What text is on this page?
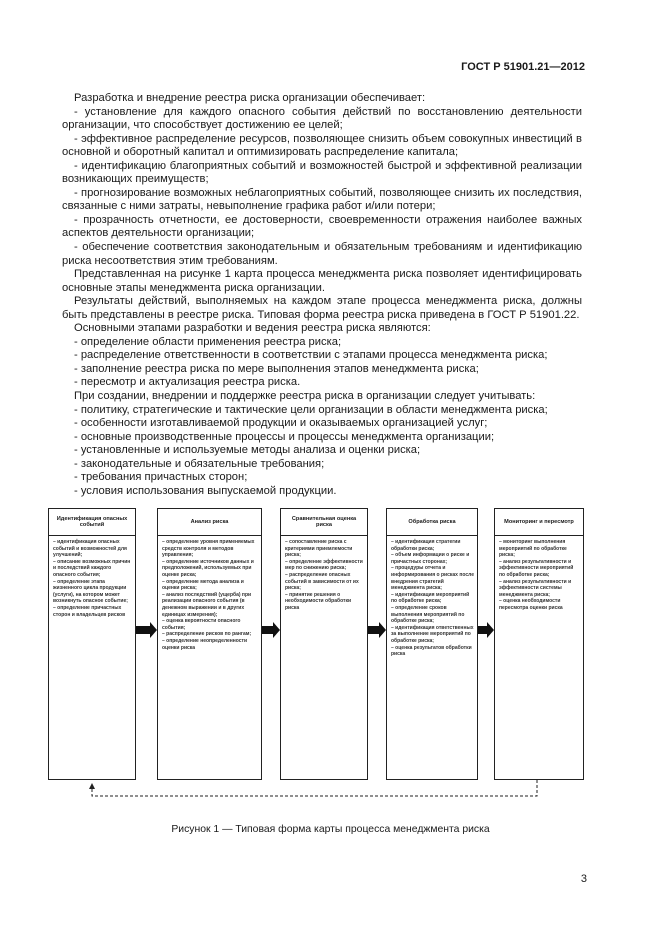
ГОСТ Р 51901.21—2012

Разработка и внедрение реестра риска организации обеспечивает:

- установление для каждого опасного события действий по восстановлению деятельности организации, что способствует достижению ее целей;

- эффективное распределение ресурсов, позволяющее снизить объем совокупных инвестиций в основной и оборотный капитал и оптимизировать распределение капитала;

- идентификацию благоприятных событий и возможностей быстрой и эффективной реализации возникающих преимуществ;

- прогнозирование возможных неблагоприятных событий, позволяющее снизить их последствия, связанные с ними затраты, невыполнение графика работ и/или потери;

- прозрачность отчетности, ее достоверности, своевременности отражения наиболее важных аспектов деятельности организации;

- обеспечение соответствия законодательным и обязательным требованиям и идентификацию риска несоответствия этим требованиям.

Представленная на рисунке 1 карта процесса менеджмента риска позволяет идентифицировать основные этапы менеджмента риска организации.

Результаты действий, выполняемых на каждом этапе процесса менеджмента риска, должны быть представлены в реестре риска. Типовая форма реестра риска приведена в ГОСТ Р 51901.22.

Основными этапами разработки и ведения реестра риска являются:

- определение области применения реестра риска;

- распределение ответственности в соответствии с этапами процесса менеджмента риска;

- заполнение реестра риска по мере выполнения этапов менеджмента риска;

- пересмотр и актуализация реестра риска.

При создании, внедрении и поддержке реестра риска в организации следует учитывать:

- политику, стратегические и тактические цели организации в области менеджмента риска;

- особенности изготавливаемой продукции и оказываемых организацией услуг;

- основные производственные процессы и процессы менеджмента организации;

- установленные и используемые методы анализа и оценки риска;

- законодательные и обязательные требования;

- требования причастных сторон;

- условия использования выпускаемой продукции.

Идентификация опасных событий
– идентификация опасных событий и возможностей для улучшений;
– описание возможных причин и последствий каждого опасного события;
– определение этапа жизненного цикла продукции (услуги), на котором может возникнуть опасное событие;
– определение причастных сторон и владельцев рисков
Анализ риска
– определение уровня применяемых средств контроля и методов управления;
– определение источников данных и предположений, используемых при оценке риска;
– определение метода анализа и оценки риска;
– анализ последствий (ущерба) при реализации опасного события (в денежном выражении и в других единицах измерения);
– оценка вероятности опасного события;
– распределение рисков по рангам;
– определение неопределенности оценки риска
Сравнительная оценка риска
– сопоставление риска с критериями приемлемости риска;
– определение эффективности мер по снижению риска;
– распределение опасных событий в зависимости от их риска;
– принятие решения о необходимости обработки риска
Обработка риска
– идентификация стратегии обработки риска;
– объем информации о риске и причастных сторонах;
– процедуры отчета и информирования о рисках после внедрения стратегий менеджмента риска;
– идентификация мероприятий по обработке риска;
– определение сроков выполнения мероприятий по обработке риска;
– идентификация ответственных за выполнение мероприятий по обработке риска;
– оценка результатов обработки риска
Мониторинг и пересмотр
– мониторинг выполнения мероприятий по обработке риска;
– анализ результативности и эффективности мероприятий по обработке риска;
– анализ результативности и эффективности системы менеджмента риска;
– оценка необходимости пересмотра оценки риска
Рисунок 1 — Типовая форма карты процесса менеджмента риска
3
